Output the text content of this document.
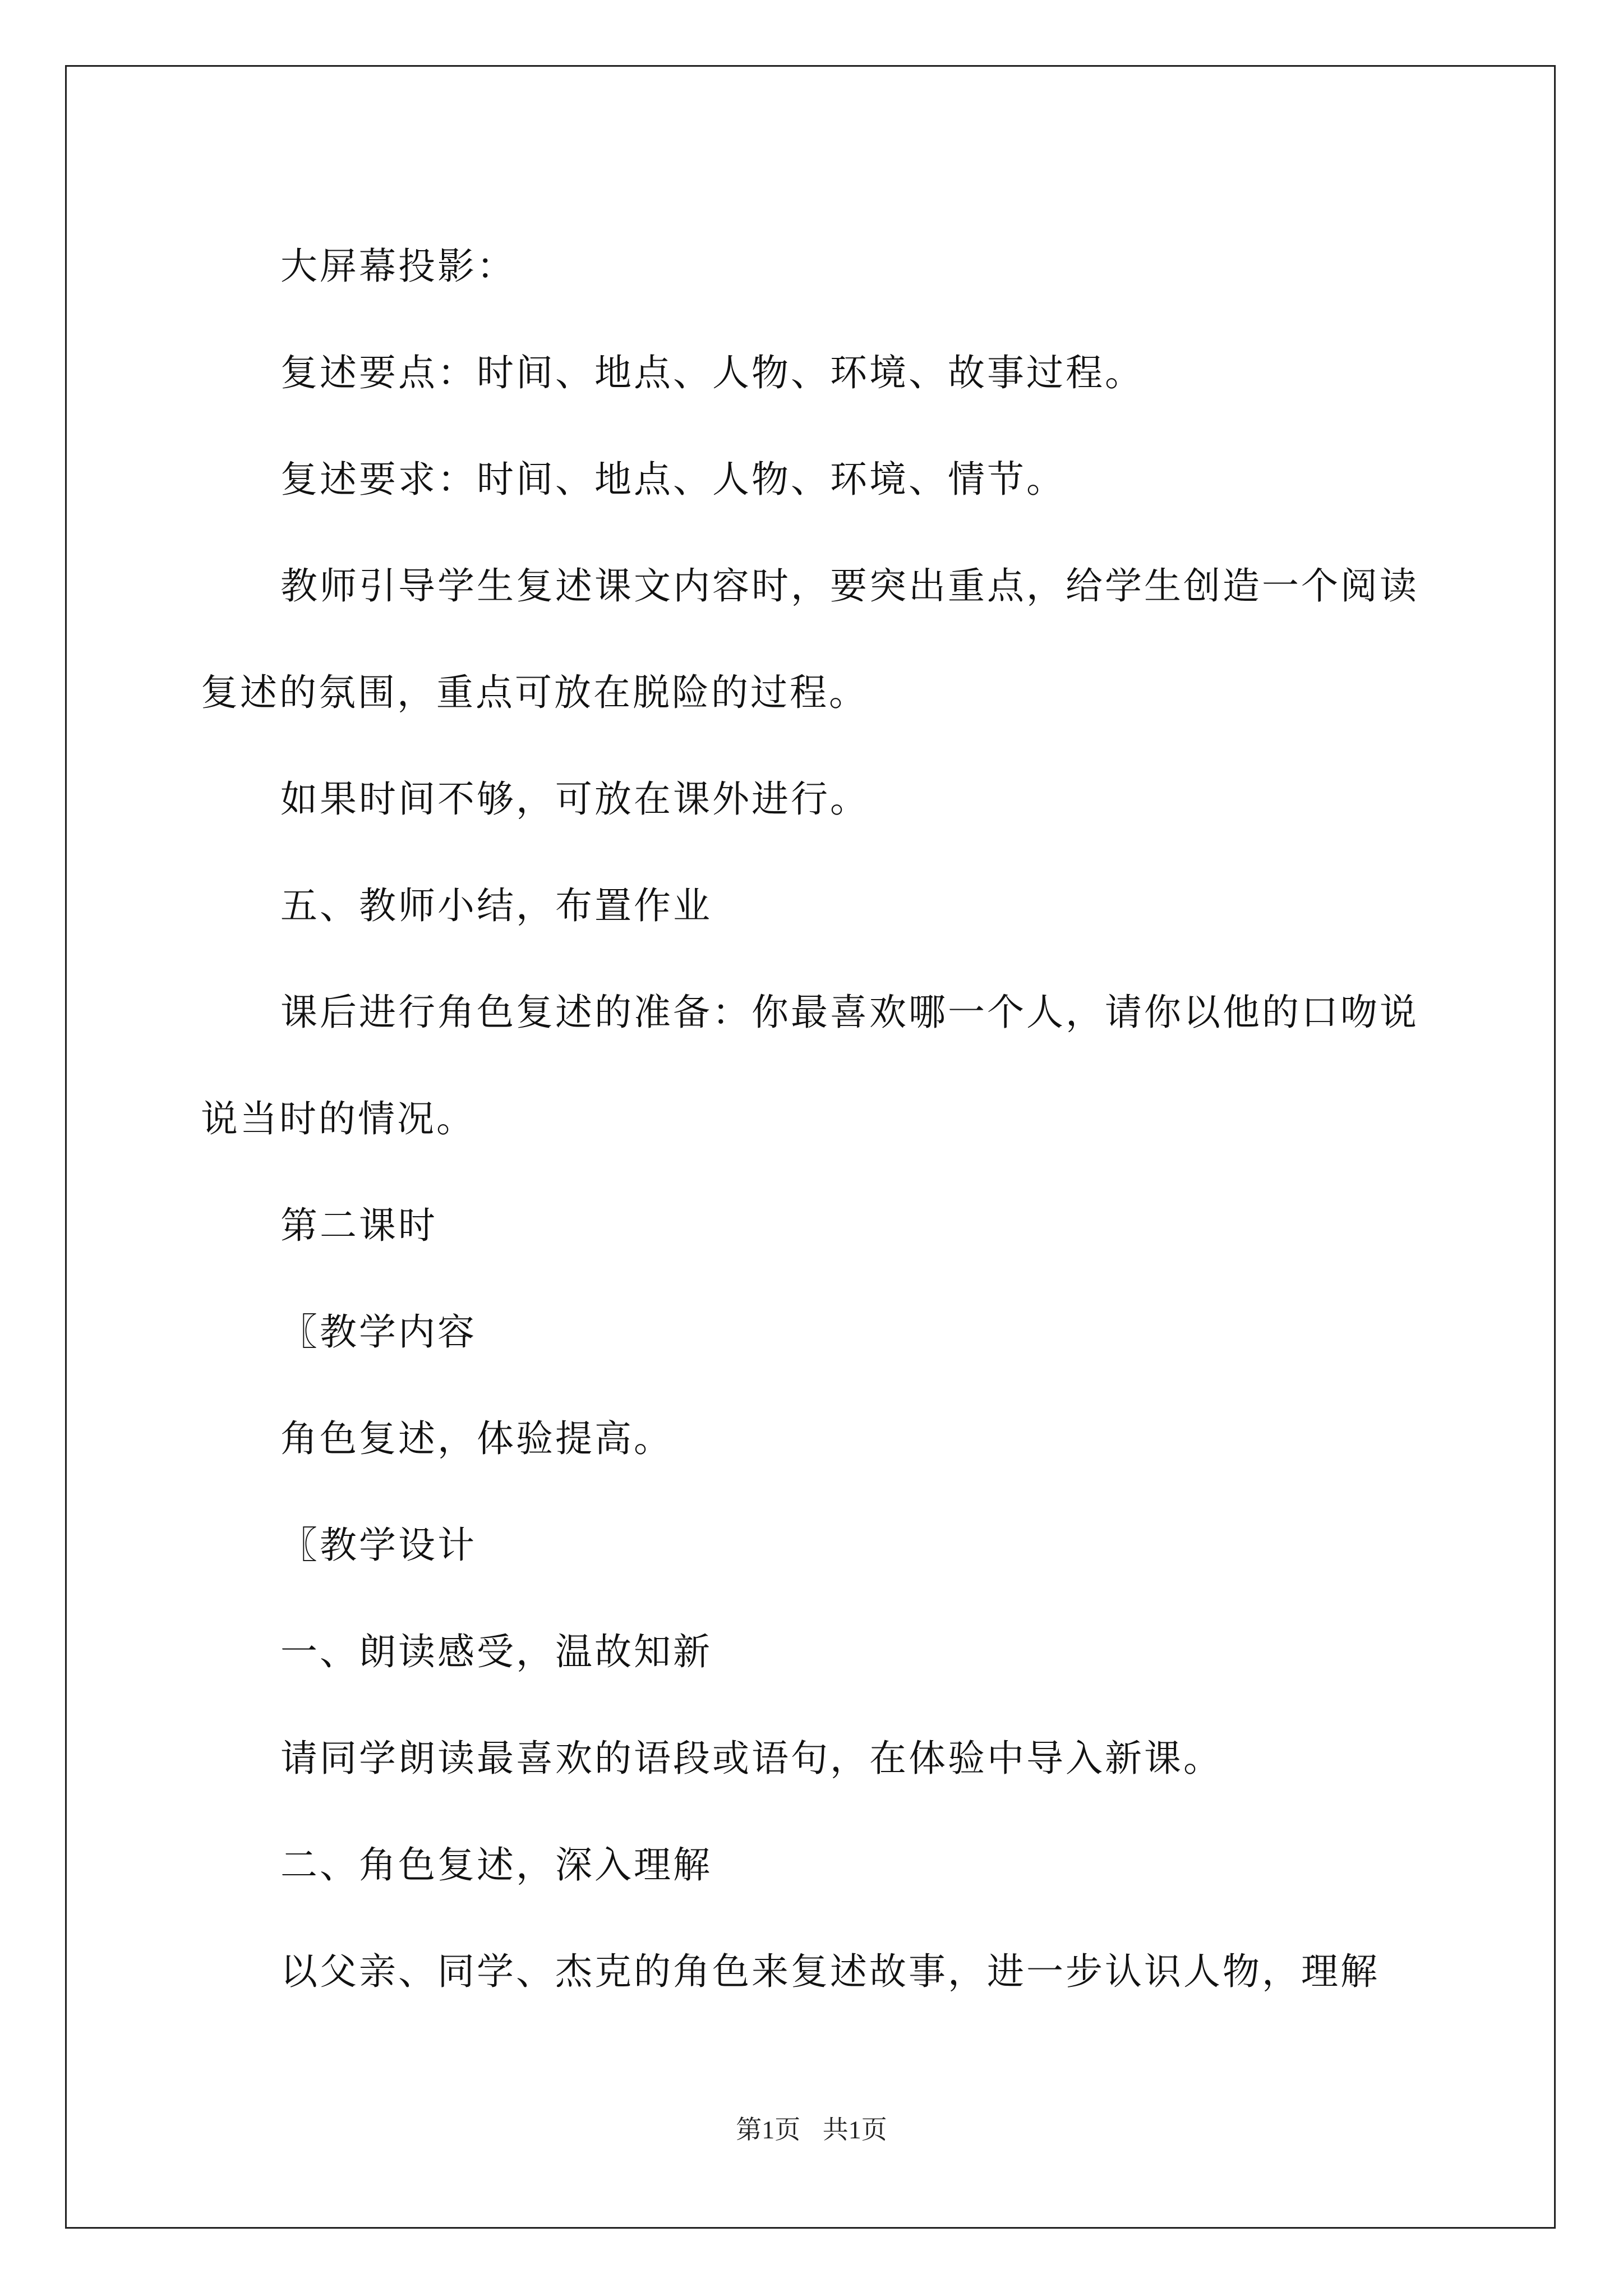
大屏幕投影：

复述要点：时间、地点、人物、环境、故事过程。

复述要求：时间、地点、人物、环境、情节。

教师引导学生复述课文内容时，要突出重点，给学生创造一个阅读复述的氛围，重点可放在脱险的过程。

如果时间不够，可放在课外进行。

五、教师小结，布置作业

课后进行角色复述的准备：你最喜欢哪一个人，请你以他的口吻说说当时的情况。

第二课时

〖教学内容

角色复述，体验提高。

〖教学设计

一、朗读感受，温故知新

请同学朗读最喜欢的语段或语句，在体验中导入新课。

二、角色复述，深入理解

以父亲、同学、杰克的角色来复述故事，进一步认识人物，理解

第1页 共1页
